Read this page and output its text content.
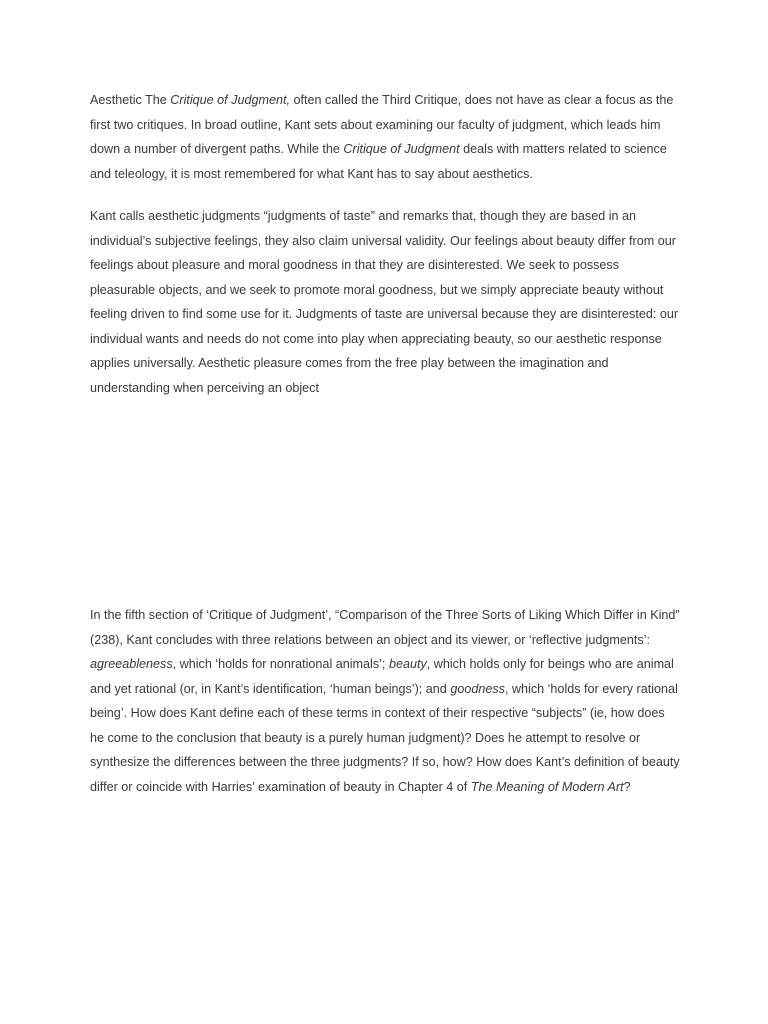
Aesthetic The Critique of Judgment, often called the Third Critique, does not have as clear a focus as the first two critiques. In broad outline, Kant sets about examining our faculty of judgment, which leads him down a number of divergent paths. While the Critique of Judgment deals with matters related to science and teleology, it is most remembered for what Kant has to say about aesthetics.

Kant calls aesthetic judgments “judgments of taste” and remarks that, though they are based in an individual’s subjective feelings, they also claim universal validity. Our feelings about beauty differ from our feelings about pleasure and moral goodness in that they are disinterested. We seek to possess pleasurable objects, and we seek to promote moral goodness, but we simply appreciate beauty without feeling driven to find some use for it. Judgments of taste are universal because they are disinterested: our individual wants and needs do not come into play when appreciating beauty, so our aesthetic response applies universally. Aesthetic pleasure comes from the free play between the imagination and understanding when perceiving an object

In the fifth section of ‘Critique of Judgment’, “Comparison of the Three Sorts of Liking Which Differ in Kind” (238), Kant concludes with three relations between an object and its viewer, or ‘reflective judgments’: agreeableness, which ‘holds for nonrational animals’; beauty, which holds only for beings who are animal and yet rational (or, in Kant’s identification, ‘human beings’); and goodness, which ‘holds for every rational being’. How does Kant define each of these terms in context of their respective “subjects” (ie, how does he come to the conclusion that beauty is a purely human judgment)? Does he attempt to resolve or synthesize the differences between the three judgments? If so, how? How does Kant’s definition of beauty differ or coincide with Harries’ examination of beauty in Chapter 4 of The Meaning of Modern Art?
